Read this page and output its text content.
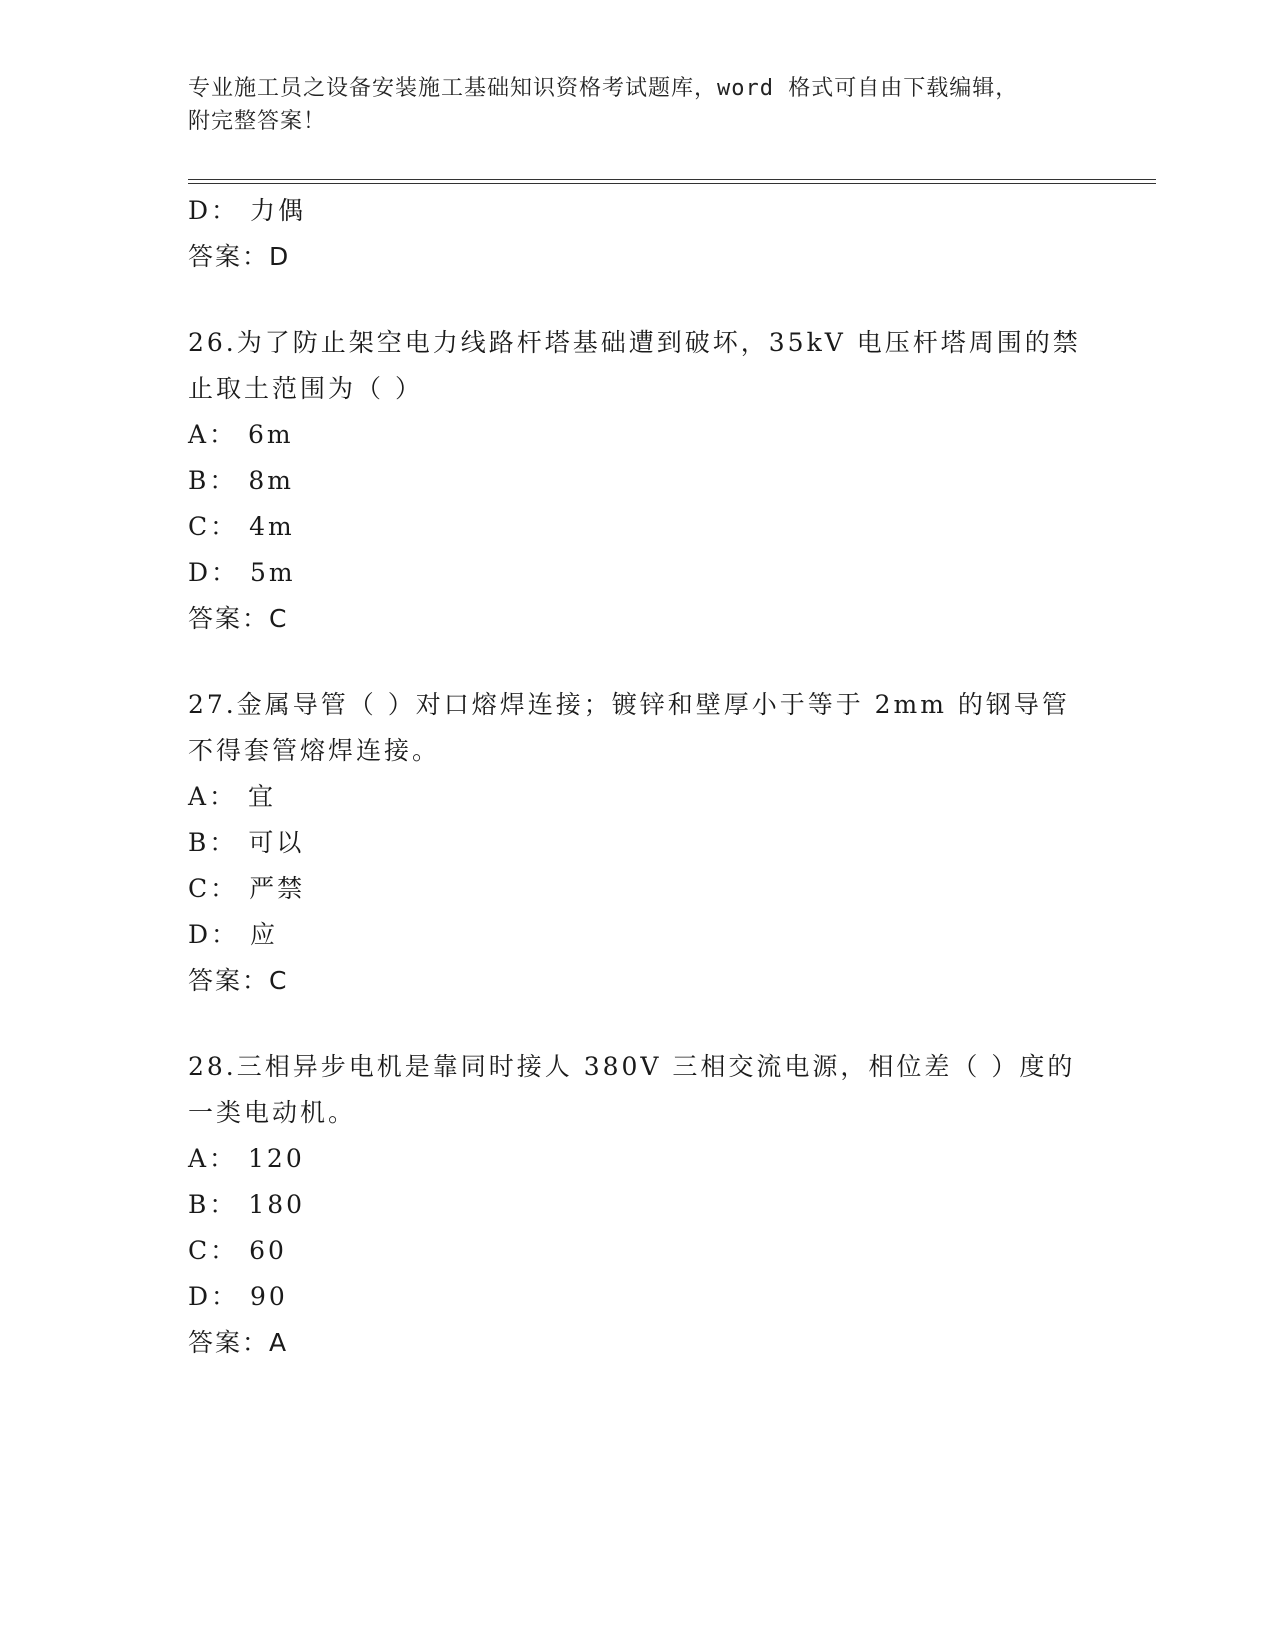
专业施工员之设备安装施工基础知识资格考试题库，word 格式可自由下载编辑，
附完整答案！
D： 力偶
答案：D
26.为了防止架空电力线路杆塔基础遭到破坏，35kV 电压杆塔周围的禁
止取土范围为（ ）
A： 6m
B： 8m
C： 4m
D： 5m
答案：C
27.金属导管（ ）对口熔焊连接；镀锌和壁厚小于等于 2mm 的钢导管
不得套管熔焊连接。
A： 宜
B： 可以
C： 严禁
D： 应
答案：C
28.三相异步电机是靠同时接人 380V 三相交流电源，相位差（ ）度的
一类电动机。
A： 120
B： 180
C： 60
D： 90
答案：A
